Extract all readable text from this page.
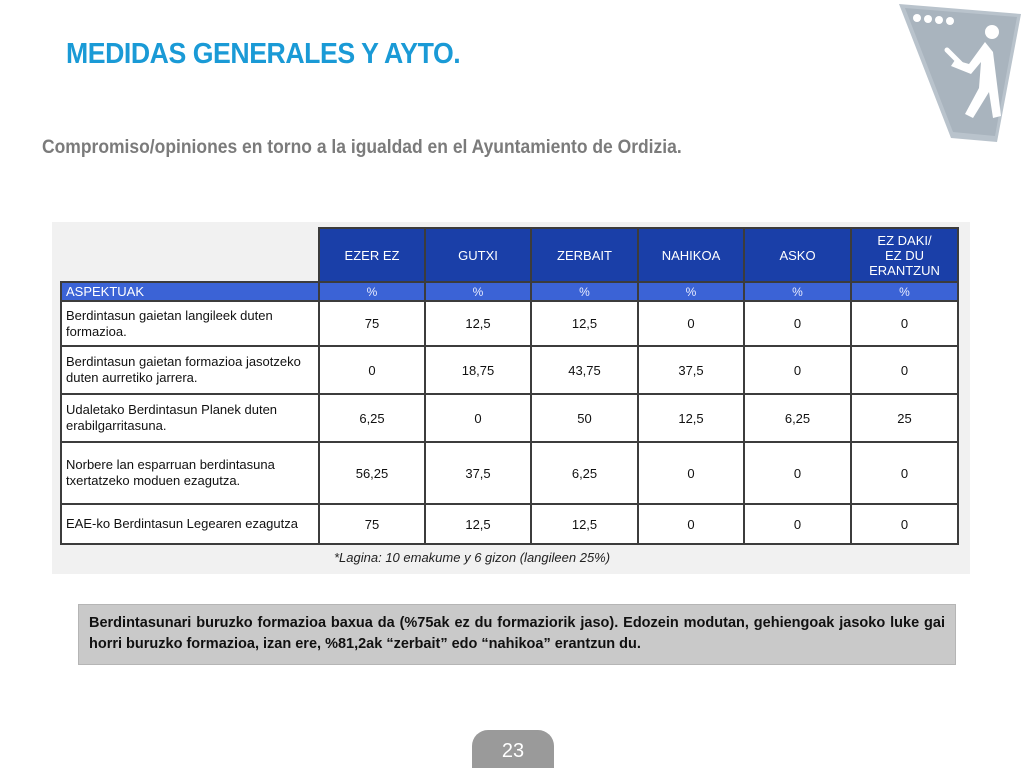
MEDIDAS GENERALES Y AYTO.
Compromiso/opiniones en torno a la igualdad en el Ayuntamiento de Ordizia.
	EZER EZ	GUTXI	ZERBAIT	NAHIKOA	ASKO	EZ DAKI/
EZ DU
ERANTZUN
ASPEKTUAK	%	%	%	%	%	%
Berdintasun gaietan langileek duten formazioa.	75	12,5	12,5	0	0	0
Berdintasun gaietan formazioa jasotzeko duten aurretiko jarrera.	0	18,75	43,75	37,5	0	0
Udaletako Berdintasun Planek duten erabilgarritasuna.	6,25	0	50	12,5	6,25	25
Norbere lan esparruan berdintasuna txertatzeko moduen ezagutza.	56,25	37,5	6,25	0	0	0
EAE-ko Berdintasun Legearen ezagutza	75	12,5	12,5	0	0	0
*Lagina: 10 emakume y 6 gizon (langileen 25%)
Berdintasunari buruzko formazioa baxua da (%75ak ez du formaziorik jaso). Edozein modutan, gehiengoak jasoko luke gai horri buruzko formazioa, izan ere, %81,2ak “zerbait” edo “nahikoa” erantzun du.
23
